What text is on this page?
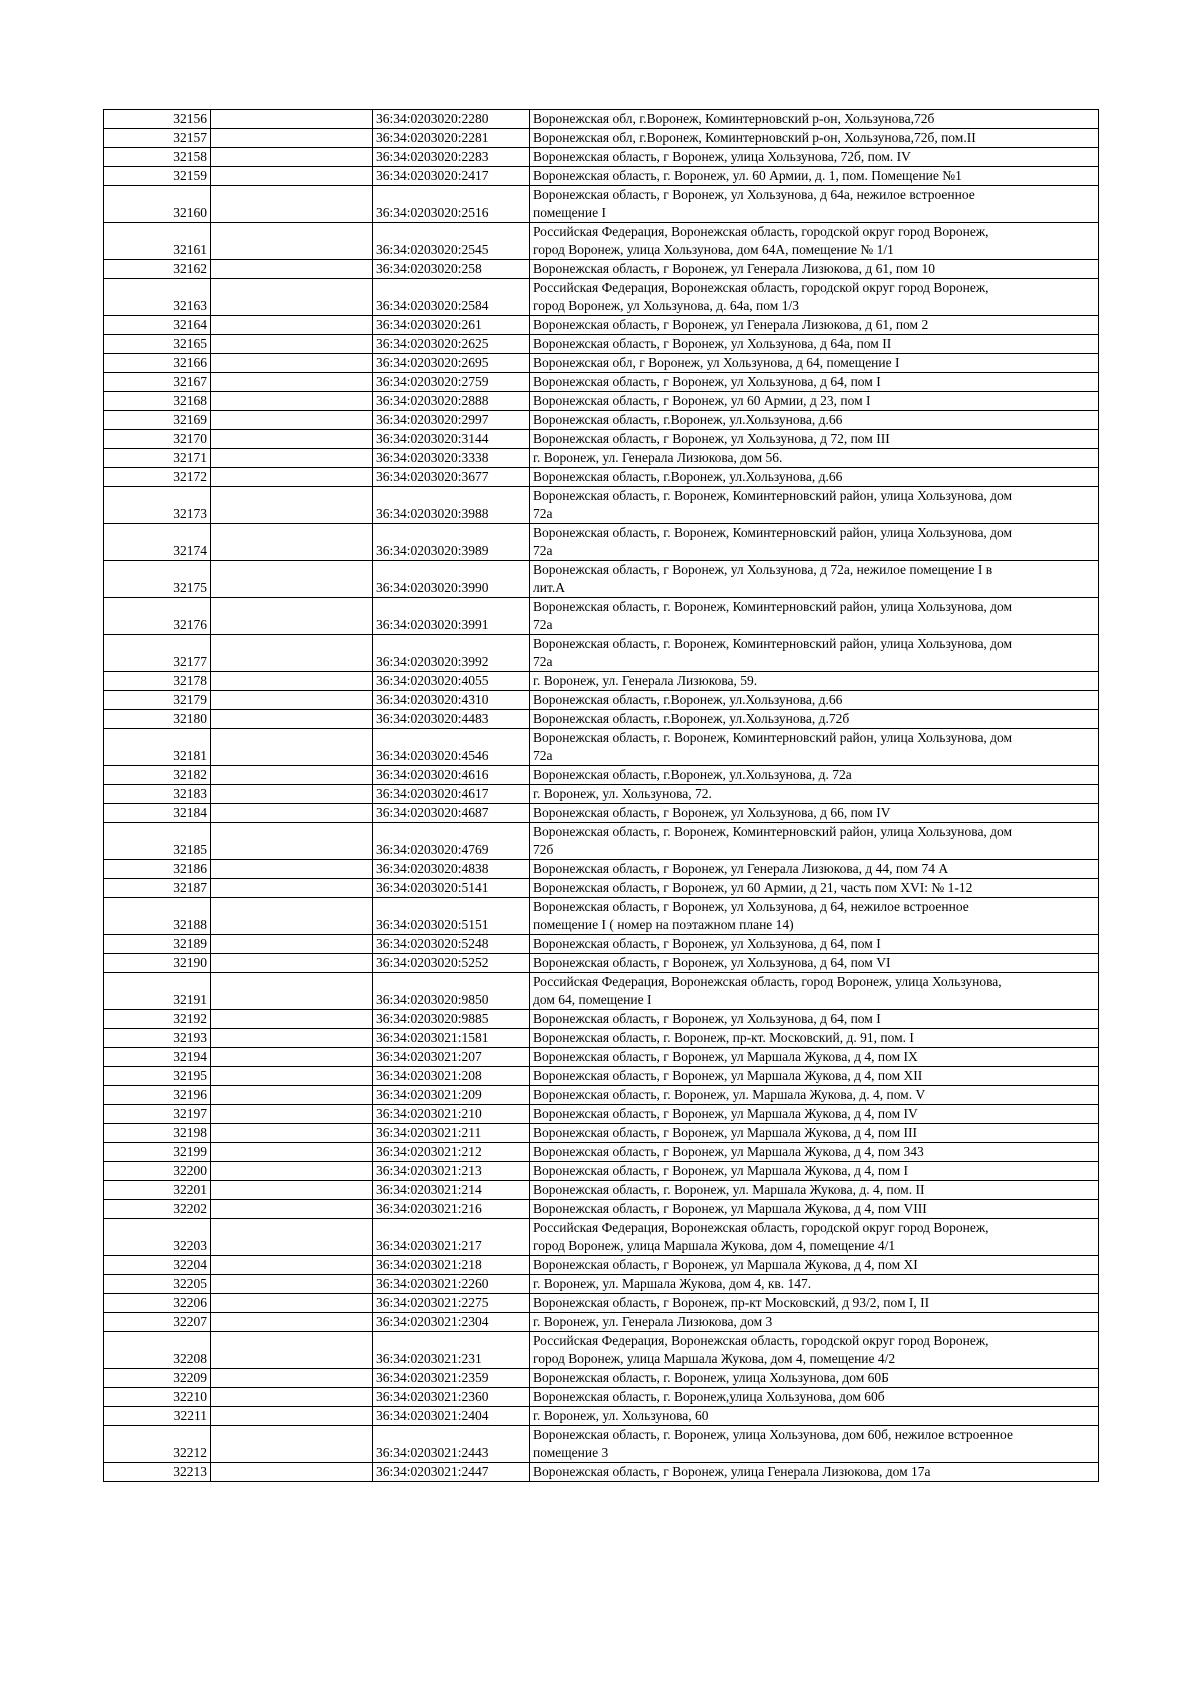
32156		36:34:0203020:2280	Воронежская обл, г.Воронеж, Коминтерновский р-он, Хользунова,72б

32157		36:34:0203020:2281	Воронежская обл, г.Воронеж, Коминтерновский р-он, Хользунова,72б, пом.II

32158		36:34:0203020:2283	Воронежская область, г Воронеж, улица Хользунова, 72б, пом. IV

32159		36:34:0203020:2417	Воронежская область, г. Воронеж, ул. 60 Армии, д. 1, пом. Помещение №1

32160		36:34:0203020:2516	Воронежская область, г Воронеж, ул Хользунова, д 64а, нежилое встроенное
помещение I

32161		36:34:0203020:2545	Российская Федерация, Воронежская область, городской округ город Воронеж,
город Воронеж, улица Хользунова, дом 64А, помещение № 1/1

32162		36:34:0203020:258	Воронежская область, г Воронеж, ул Генерала Лизюкова, д 61, пом 10

32163		36:34:0203020:2584	Российская Федерация, Воронежская область, городской округ город Воронеж,
город Воронеж, ул Хользунова, д. 64а, пом 1/3

32164		36:34:0203020:261	Воронежская область, г Воронеж, ул Генерала Лизюкова, д 61, пом 2

32165		36:34:0203020:2625	Воронежская область, г Воронеж, ул Хользунова, д 64а, пом II

32166		36:34:0203020:2695	Воронежская обл, г Воронеж, ул Хользунова, д 64, помещение I

32167		36:34:0203020:2759	Воронежская область, г Воронеж, ул Хользунова, д 64, пом I

32168		36:34:0203020:2888	Воронежская область, г Воронеж, ул 60 Армии, д 23, пом I

32169		36:34:0203020:2997	Воронежская область, г.Воронеж, ул.Хользунова, д.66

32170		36:34:0203020:3144	Воронежская область, г Воронеж, ул Хользунова, д 72, пом III

32171		36:34:0203020:3338	г. Воронеж, ул. Генерала Лизюкова, дом 56.

32172		36:34:0203020:3677	Воронежская область, г.Воронеж, ул.Хользунова, д.66

32173		36:34:0203020:3988	Воронежская область, г. Воронеж, Коминтерновский район, улица Хользунова, дом
72а

32174		36:34:0203020:3989	Воронежская область, г. Воронеж, Коминтерновский район, улица Хользунова, дом
72а

32175		36:34:0203020:3990	Воронежская область, г Воронеж, ул Хользунова, д 72а, нежилое помещение I в
лит.А

32176		36:34:0203020:3991	Воронежская область, г. Воронеж, Коминтерновский район, улица Хользунова, дом
72а

32177		36:34:0203020:3992	Воронежская область, г. Воронеж, Коминтерновский район, улица Хользунова, дом
72а

32178		36:34:0203020:4055	г. Воронеж, ул. Генерала Лизюкова, 59.

32179		36:34:0203020:4310	Воронежская область, г.Воронеж, ул.Хользунова, д.66

32180		36:34:0203020:4483	Воронежская область, г.Воронеж, ул.Хользунова, д.72б

32181		36:34:0203020:4546	Воронежская область, г. Воронеж, Коминтерновский район, улица Хользунова, дом
72а

32182		36:34:0203020:4616	Воронежская область, г.Воронеж, ул.Хользунова, д. 72а

32183		36:34:0203020:4617	г. Воронеж, ул. Хользунова, 72.

32184		36:34:0203020:4687	Воронежская область, г Воронеж, ул Хользунова, д 66, пом IV

32185		36:34:0203020:4769	Воронежская область, г. Воронеж, Коминтерновский район, улица Хользунова, дом
72б

32186		36:34:0203020:4838	Воронежская область, г Воронеж, ул Генерала Лизюкова, д 44, пом 74 А

32187		36:34:0203020:5141	Воронежская область, г Воронеж, ул 60 Армии, д 21, часть пом XVI: № 1-12

32188		36:34:0203020:5151	Воронежская область, г Воронеж, ул Хользунова, д 64, нежилое встроенное
помещение I ( номер на поэтажном плане 14)

32189		36:34:0203020:5248	Воронежская область, г Воронеж, ул Хользунова, д 64, пом I

32190		36:34:0203020:5252	Воронежская область, г Воронеж, ул Хользунова, д 64, пом VI

32191		36:34:0203020:9850	Российская Федерация, Воронежская область, город Воронеж, улица Хользунова,
дом 64, помещение I

32192		36:34:0203020:9885	Воронежская область, г Воронеж, ул Хользунова, д 64, пом I

32193		36:34:0203021:1581	Воронежская область, г. Воронеж, пр-кт. Московский, д. 91, пом. I

32194		36:34:0203021:207	Воронежская область, г Воронеж, ул Маршала Жукова, д 4, пом IX

32195		36:34:0203021:208	Воронежская область, г Воронеж, ул Маршала Жукова, д 4, пом XII

32196		36:34:0203021:209	Воронежская область, г. Воронеж, ул. Маршала Жукова, д. 4, пом. V

32197		36:34:0203021:210	Воронежская область, г Воронеж, ул Маршала Жукова, д 4, пом IV

32198		36:34:0203021:211	Воронежская область, г Воронеж, ул Маршала Жукова, д 4, пом III

32199		36:34:0203021:212	Воронежская область, г Воронеж, ул Маршала Жукова, д 4, пом 343

32200		36:34:0203021:213	Воронежская область, г Воронеж, ул Маршала Жукова, д 4, пом I

32201		36:34:0203021:214	Воронежская область, г. Воронеж, ул. Маршала Жукова, д. 4, пом. II

32202		36:34:0203021:216	Воронежская область, г Воронеж, ул Маршала Жукова, д 4, пом VIII

32203		36:34:0203021:217	Российская Федерация, Воронежская область, городской округ город Воронеж,
город Воронеж, улица Маршала Жукова, дом 4, помещение 4/1

32204		36:34:0203021:218	Воронежская область, г Воронеж, ул Маршала Жукова, д 4, пом XI

32205		36:34:0203021:2260	г. Воронеж, ул. Маршала Жукова, дом 4, кв. 147.

32206		36:34:0203021:2275	Воронежская область, г Воронеж, пр-кт Московский, д 93/2, пом I, II

32207		36:34:0203021:2304	г. Воронеж, ул. Генерала Лизюкова, дом 3

32208		36:34:0203021:231	Российская Федерация, Воронежская область, городской округ город Воронеж,
город Воронеж, улица Маршала Жукова, дом 4, помещение 4/2

32209		36:34:0203021:2359	Воронежская область, г. Воронеж, улица Хользунова, дом 60Б

32210		36:34:0203021:2360	Воронежская область, г. Воронеж,улица Хользунова, дом 60б

32211		36:34:0203021:2404	г. Воронеж, ул. Хользунова, 60

32212		36:34:0203021:2443	Воронежская область, г. Воронеж, улица Хользунова, дом 60б, нежилое встроенное
помещение 3

32213		36:34:0203021:2447	Воронежская область, г Воронеж, улица Генерала Лизюкова, дом 17а
